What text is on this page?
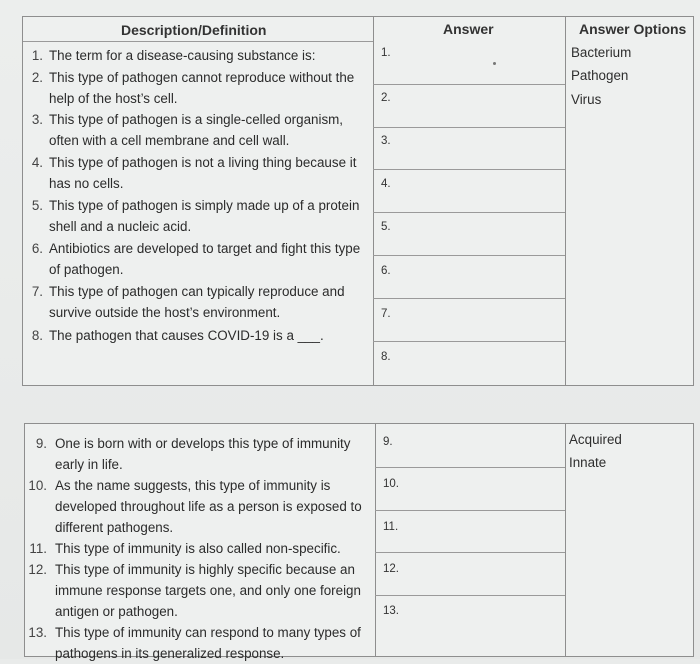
Description/Definition	Answer	Answer Options
1.
2.
3.
4.
5.
6.
7.
8.
Bacterium
Pathogen
Virus
1. The term for a disease-causing substance is:
2. This type of pathogen cannot reproduce without the help of the host’s cell.
3. This type of pathogen is a single-celled organism, often with a cell membrane and cell wall.
4. This type of pathogen is not a living thing because it has no cells.
5. This type of pathogen is simply made up of a protein shell and a nucleic acid.
6. Antibiotics are developed to target and fight this type of pathogen.
7. This type of pathogen can typically reproduce and survive outside the host’s environment.
8. The pathogen that causes COVID-19 is a ___.
9.
10.
11.
12.
13.
Acquired
Innate
9. One is born with or develops this type of immunity early in life.
10. As the name suggests, this type of immunity is developed throughout life as a person is exposed to different pathogens.
11. This type of immunity is also called non-specific.
12. This type of immunity is highly specific because an immune response targets one, and only one foreign antigen or pathogen.
13. This type of immunity can respond to many types of pathogens in its generalized response.
